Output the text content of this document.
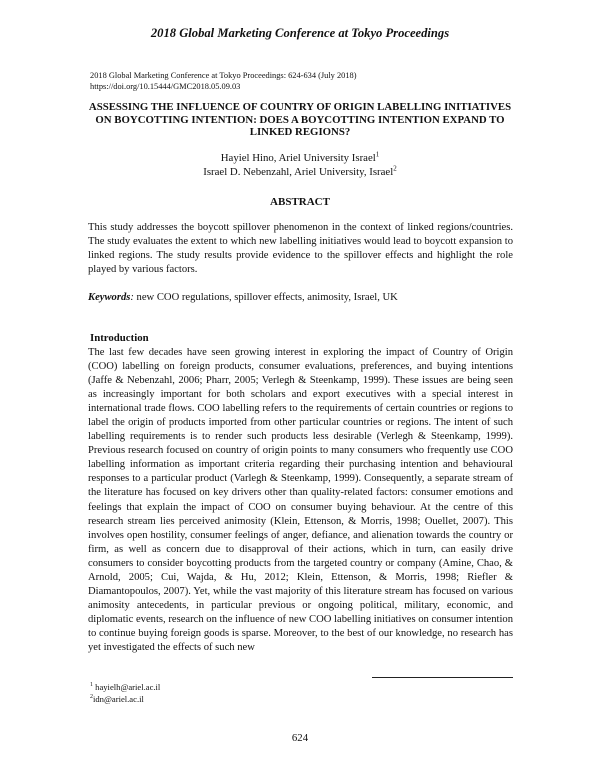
2018 Global Marketing Conference at Tokyo Proceedings
2018 Global Marketing Conference at Tokyo Proceedings: 624-634 (July 2018)
https://doi.org/10.15444/GMC2018.05.09.03
ASSESSING THE INFLUENCE OF COUNTRY OF ORIGIN LABELLING INITIATIVES ON BOYCOTTING INTENTION: DOES A BOYCOTTING INTENTION EXPAND TO LINKED REGIONS?
Hayiel Hino, Ariel University Israel$^1$
Israel D. Nebenzahl, Ariel University, Israel$^2$
ABSTRACT
This study addresses the boycott spillover phenomenon in the context of linked regions/countries. The study evaluates the extent to which new labelling initiatives would lead to boycott expansion to linked regions. The study results provide evidence to the spillover effects and highlight the role played by various factors.
Keywords: new COO regulations, spillover effects, animosity, Israel, UK
Introduction
The last few decades have seen growing interest in exploring the impact of Country of Origin (COO) labelling on foreign products, consumer evaluations, preferences, and buying intentions (Jaffe & Nebenzahl, 2006; Pharr, 2005; Verlegh & Steenkamp, 1999). These issues are being seen as increasingly important for both scholars and export executives with a special interest in international trade flows. COO labelling refers to the requirements of certain countries or regions to label the origin of products imported from other particular countries or regions. The intent of such labelling requirements is to render such products less desirable (Verlegh & Steenkamp, 1999). Previous research focused on country of origin points to many consumers who frequently use COO labelling information as important criteria regarding their purchasing intention and behavioural responses to a particular product (Varlegh & Steenkamp, 1999). Consequently, a separate stream of the literature has focused on key drivers other than quality-related factors: consumer emotions and feelings that explain the impact of COO on consumer buying behaviour. At the centre of this research stream lies perceived animosity (Klein, Ettenson, & Morris, 1998; Ouellet, 2007). This involves open hostility, consumer feelings of anger, defiance, and alienation towards the country or firm, as well as concern due to disapproval of their actions, which in turn, can easily drive consumers to consider boycotting products from the targeted country or company (Amine, Chao, & Arnold, 2005; Cui, Wajda, & Hu, 2012; Klein, Ettenson, & Morris, 1998; Riefler & Diamantopoulos, 2007). Yet, while the vast majority of this literature stream has focused on various animosity antecedents, in particular previous or ongoing political, military, economic, and diplomatic events, research on the influence of new COO labelling initiatives on consumer intention to continue buying foreign goods is sparse. Moreover, to the best of our knowledge, no research has yet investigated the effects of such new
$^1$ hayielh@ariel.ac.il
$^2$idn@ariel.ac.il
624
